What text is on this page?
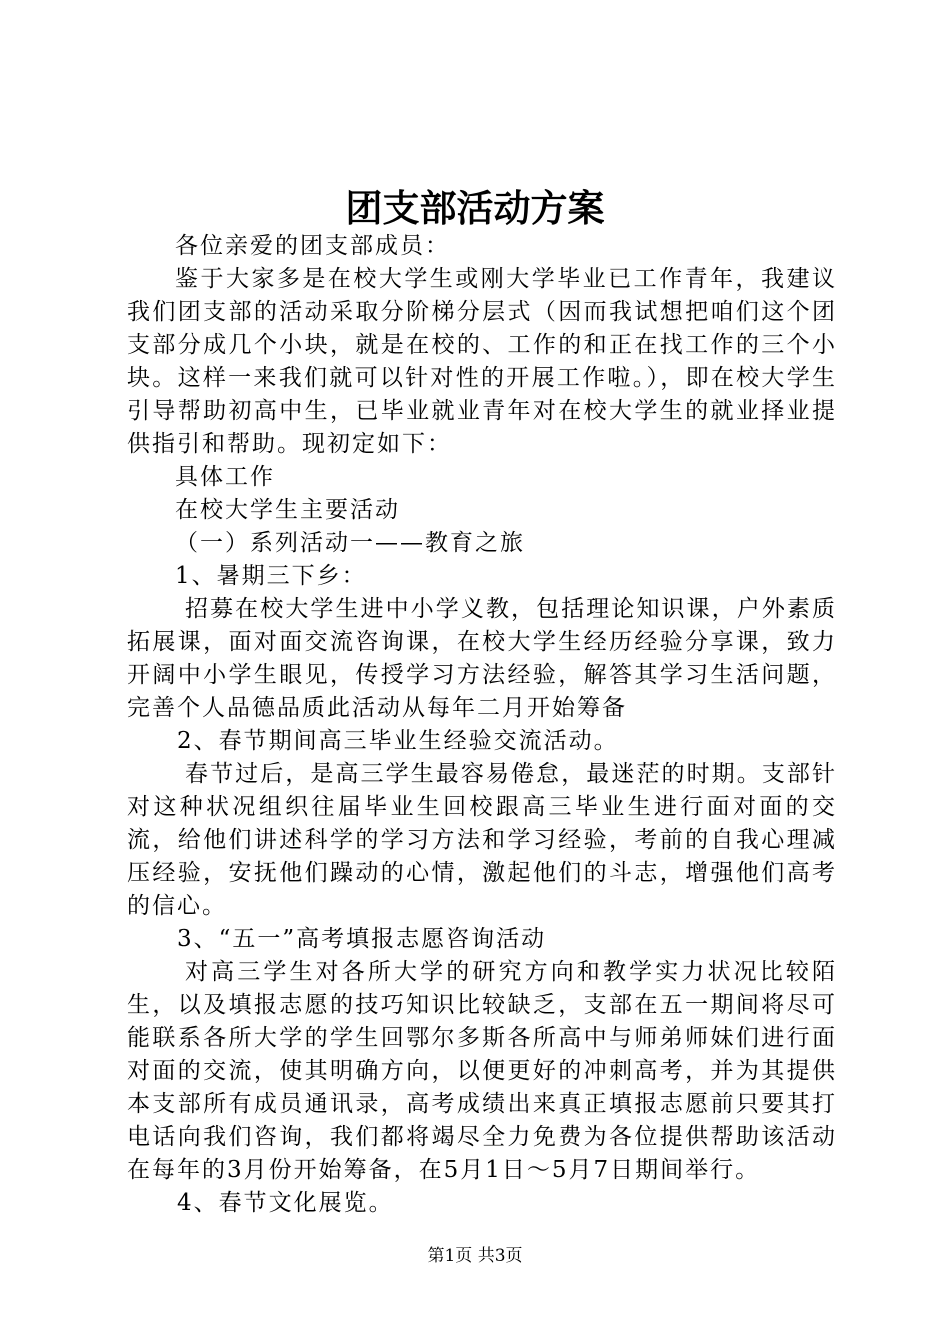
团支部活动方案

各位亲爱的团支部成员：

鉴于大家多是在校大学生或刚大学毕业已工作青年，我建议我们团支部的活动采取分阶梯分层式（因而我试想把咱们这个团支部分成几个小块，就是在校的、工作的和正在找工作的三个小块。这样一来我们就可以针对性的开展工作啦。），即在校大学生引导帮助初高中生，已毕业就业青年对在校大学生的就业择业提供指引和帮助。现初定如下：

具体工作

在校大学生主要活动

（一）系列活动一——教育之旅

1、暑期三下乡：

招募在校大学生进中小学义教，包括理论知识课，户外素质拓展课，面对面交流咨询课，在校大学生经历经验分享课，致力开阔中小学生眼见，传授学习方法经验，解答其学习生活问题，完善个人品德品质此活动从每年二月开始筹备

2、春节期间高三毕业生经验交流活动。

春节过后，是高三学生最容易倦怠，最迷茫的时期。支部针对这种状况组织往届毕业生回校跟高三毕业生进行面对面的交流，给他们讲述科学的学习方法和学习经验，考前的自我心理减压经验，安抚他们躁动的心情，激起他们的斗志，增强他们高考的信心。

3、“五一”高考填报志愿咨询活动

对高三学生对各所大学的研究方向和教学实力状况比较陌生，以及填报志愿的技巧知识比较缺乏，支部在五一期间将尽可能联系各所大学的学生回鄂尔多斯各所高中与师弟师妹们进行面对面的交流，使其明确方向，以便更好的冲刺高考，并为其提供本支部所有成员通讯录，高考成绩出来真正填报志愿前只要其打电话向我们咨询，我们都将竭尽全力免费为各位提供帮助该活动在每年的3月份开始筹备，在5月1日～5月7日期间举行。

4、春节文化展览。

第1页 共3页
